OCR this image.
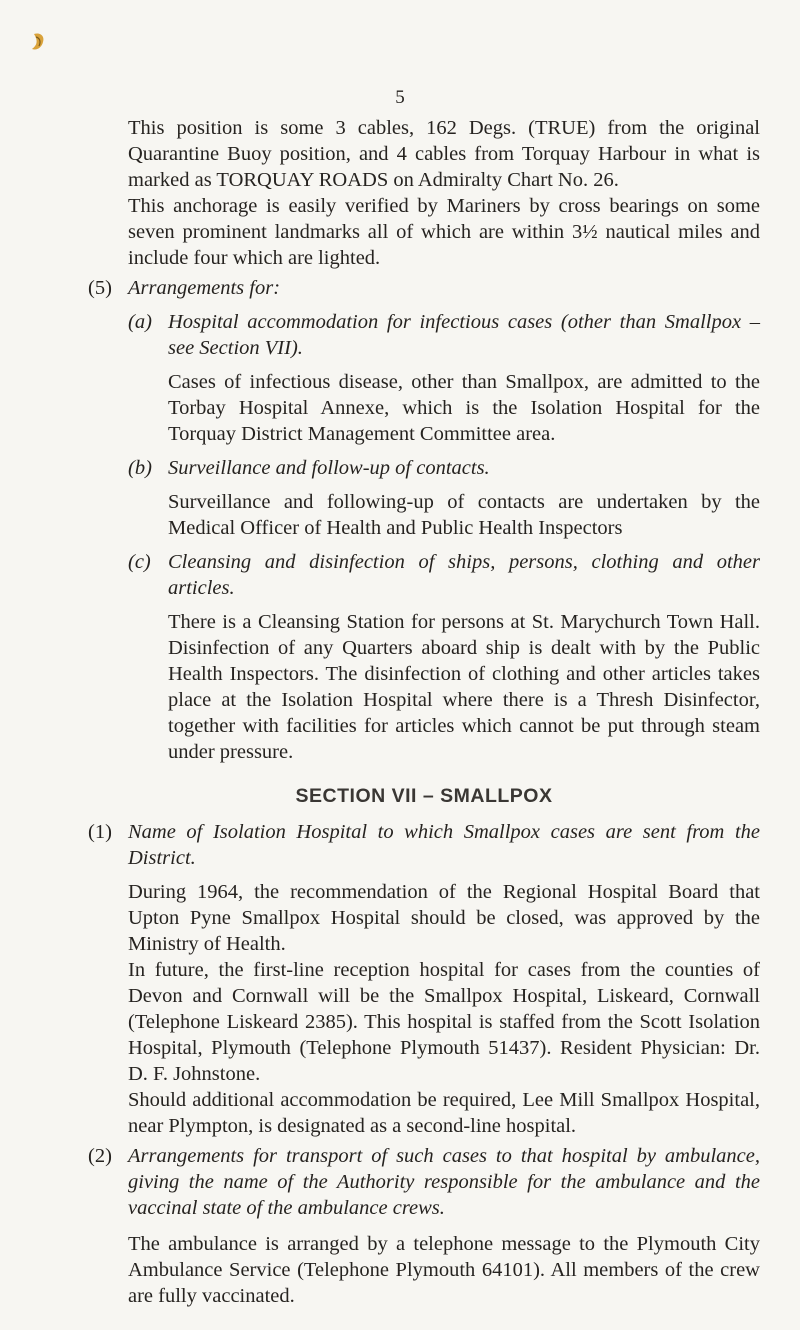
5

This position is some 3 cables, 162 Degs. (TRUE) from the original Quarantine Buoy position, and 4 cables from Torquay Harbour in what is marked as TORQUAY ROADS on Admiralty Chart No. 26.

This anchorage is easily verified by Mariners by cross bearings on some seven prominent landmarks all of which are within 3½ nautical miles and include four which are lighted.

(5) Arrangements for:

(a) Hospital accommodation for infectious cases (other than Smallpox – see Section VII).

Cases of infectious disease, other than Smallpox, are admitted to the Torbay Hospital Annexe, which is the Isolation Hospital for the Torquay District Management Committee area.

(b) Surveillance and follow-up of contacts.

Surveillance and following-up of contacts are undertaken by the Medical Officer of Health and Public Health Inspectors

(c) Cleansing and disinfection of ships, persons, clothing and other articles.

There is a Cleansing Station for persons at St. Marychurch Town Hall. Disinfection of any Quarters aboard ship is dealt with by the Public Health Inspectors. The disinfection of clothing and other articles takes place at the Isolation Hospital where there is a Thresh Disinfector, together with facilities for articles which cannot be put through steam under pressure.

SECTION VII – SMALLPOX

(1) Name of Isolation Hospital to which Smallpox cases are sent from the District.

During 1964, the recommendation of the Regional Hospital Board that Upton Pyne Smallpox Hospital should be closed, was approved by the Ministry of Health.

In future, the first-line reception hospital for cases from the counties of Devon and Cornwall will be the Smallpox Hospital, Liskeard, Cornwall (Telephone Liskeard 2385). This hospital is staffed from the Scott Isolation Hospital, Plymouth (Telephone Plymouth 51437). Resident Physician: Dr. D. F. Johnstone.

Should additional accommodation be required, Lee Mill Smallpox Hospital, near Plympton, is designated as a second-line hospital.

(2) Arrangements for transport of such cases to that hospital by ambulance, giving the name of the Authority responsible for the ambulance and the vaccinal state of the ambulance crews.

The ambulance is arranged by a telephone message to the Plymouth City Ambulance Service (Telephone Plymouth 64101). All members of the crew are fully vaccinated.
